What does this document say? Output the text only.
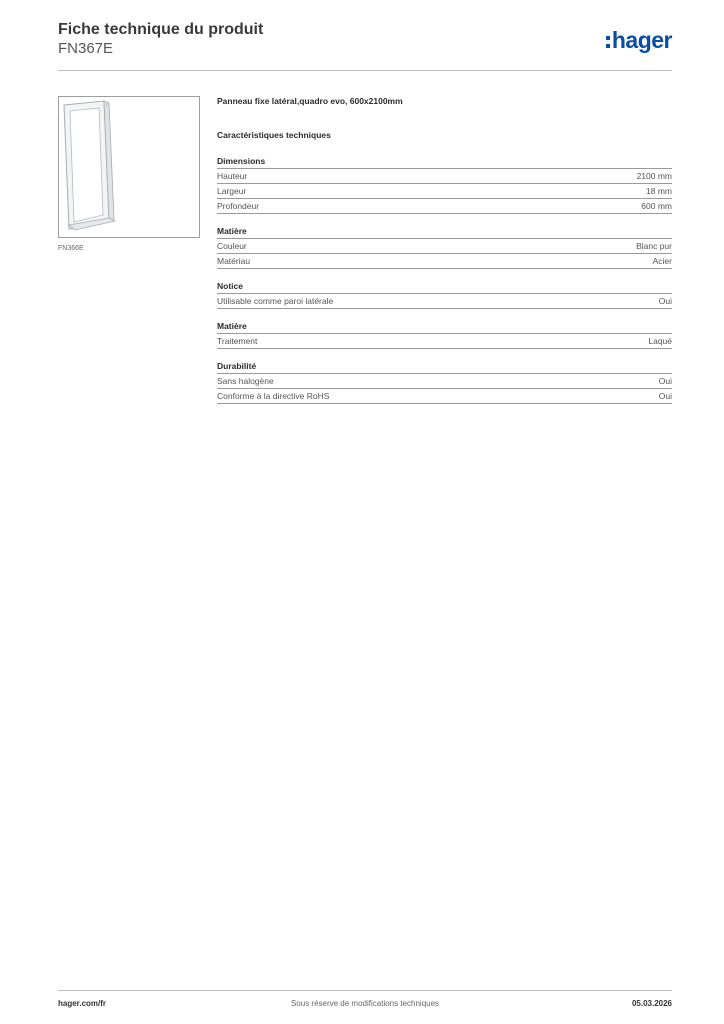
Fiche technique du produit
FN367E	hager
FN366E
Panneau fixe latéral,quadro evo, 600x2100mm
Caractéristiques techniques
Dimensions
Hauteur	2100 mm
Largeur	18 mm
Profondeur	600 mm
Matière
Couleur	Blanc pur
Matériau	Acier
Notice
Utilisable comme paroi latérale	Oui
Matière
Traitement	Laqué
Durabilité
Sans halogène	Oui
Conforme à la directive RoHS	Oui
hager.com/fr	Sous réserve de modifications techniques	05.03.2026
